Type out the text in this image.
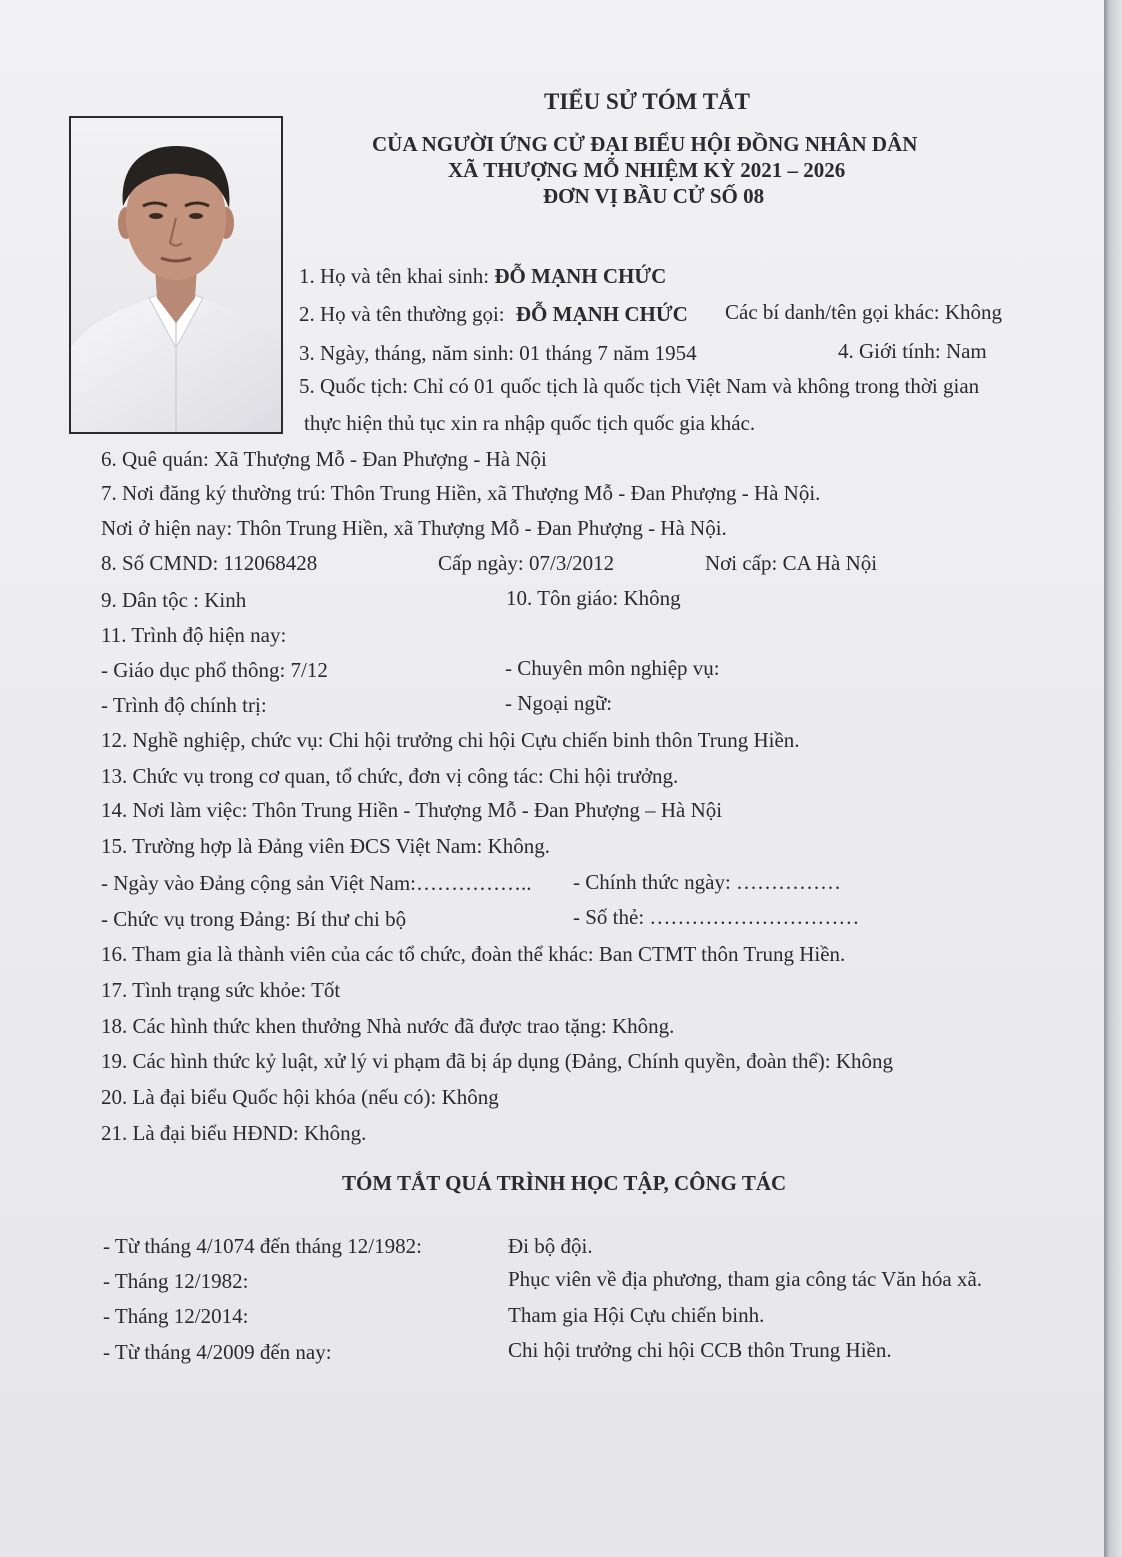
TIỂU SỬ TÓM TẮT
CỦA NGƯỜI ỨNG CỬ ĐẠI BIỂU HỘI ĐỒNG NHÂN DÂN
XÃ THƯỢNG MỖ NHIỆM KỲ 2021 – 2026
ĐƠN VỊ BẦU CỬ SỐ 08
1. Họ và tên khai sinh: ĐỖ MẠNH CHỨC
2. Họ và tên thường gọi: ĐỖ MẠNH CHỨC Các bí danh/tên gọi khác: Không
3. Ngày, tháng, năm sinh: 01 tháng 7 năm 1954	4. Giới tính: Nam
5. Quốc tịch: Chỉ có 01 quốc tịch là quốc tịch Việt Nam và không trong thời gian
thực hiện thủ tục xin ra nhập quốc tịch quốc gia khác.
6. Quê quán: Xã Thượng Mỗ - Đan Phượng - Hà Nội
7. Nơi đăng ký thường trú: Thôn Trung Hiền, xã Thượng Mỗ - Đan Phượng - Hà Nội.
Nơi ở hiện nay: Thôn Trung Hiền, xã Thượng Mỗ - Đan Phượng - Hà Nội.
8. Số CMND: 112068428	Cấp ngày: 07/3/2012	Nơi cấp: CA Hà Nội
9. Dân tộc : Kinh	10. Tôn giáo: Không
11. Trình độ hiện nay:
- Giáo dục phổ thông: 7/12	- Chuyên môn nghiệp vụ:
- Trình độ chính trị:	- Ngoại ngữ:
12. Nghề nghiệp, chức vụ: Chi hội trưởng chi hội Cựu chiến binh thôn Trung Hiền.
13. Chức vụ trong cơ quan, tổ chức, đơn vị công tác: Chi hội trưởng.
14. Nơi làm việc: Thôn Trung Hiền - Thượng Mỗ - Đan Phượng – Hà Nội
15. Trường hợp là Đảng viên ĐCS Việt Nam: Không.
- Ngày vào Đảng cộng sản Việt Nam:…………….. - Chính thức ngày: ……………
- Chức vụ trong Đảng: Bí thư chi bộ	- Số thẻ: …………………………
16. Tham gia là thành viên của các tổ chức, đoàn thể khác: Ban CTMT thôn Trung Hiền.
17. Tình trạng sức khỏe: Tốt
18. Các hình thức khen thưởng Nhà nước đã được trao tặng: Không.
19. Các hình thức kỷ luật, xử lý vi phạm đã bị áp dụng (Đảng, Chính quyền, đoàn thể): Không
20. Là đại biểu Quốc hội khóa (nếu có): Không
21. Là đại biểu HĐND: Không.
TÓM TẮT QUÁ TRÌNH HỌC TẬP, CÔNG TÁC
- Từ tháng 4/1074 đến tháng 12/1982:	Đi bộ đội.
- Tháng 12/1982:	Phục viên về địa phương, tham gia công tác Văn hóa xã.
- Tháng 12/2014:	Tham gia Hội Cựu chiến binh.
- Từ tháng 4/2009 đến nay:	Chi hội trưởng chi hội CCB thôn Trung Hiền.
